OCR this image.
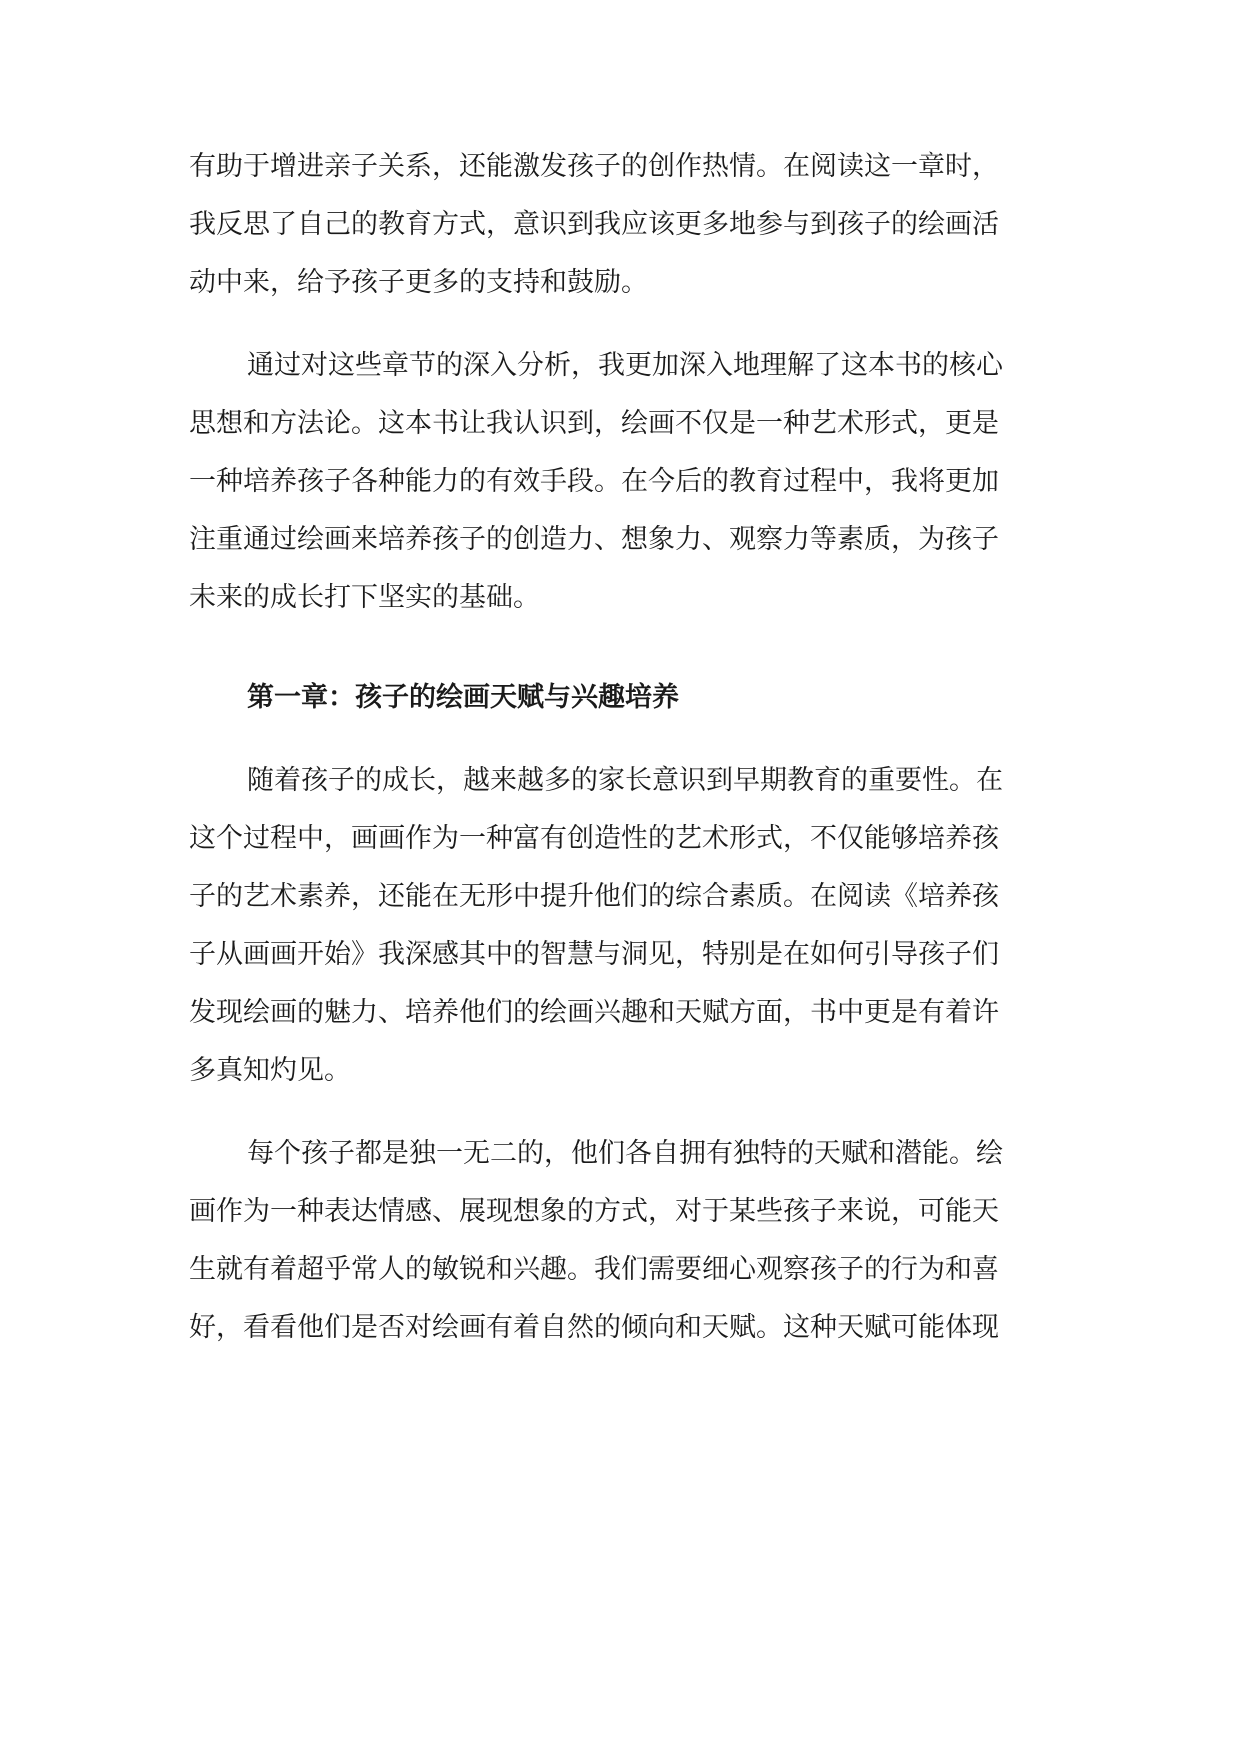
有助于增进亲子关系，还能激发孩子的创作热情。在阅读这一章时，
我反思了自己的教育方式，意识到我应该更多地参与到孩子的绘画活
动中来，给予孩子更多的支持和鼓励。
通过对这些章节的深入分析，我更加深入地理解了这本书的核心
思想和方法论。这本书让我认识到，绘画不仅是一种艺术形式，更是
一种培养孩子各种能力的有效手段。在今后的教育过程中，我将更加
注重通过绘画来培养孩子的创造力、想象力、观察力等素质，为孩子
未来的成长打下坚实的基础。
第一章：孩子的绘画天赋与兴趣培养
随着孩子的成长，越来越多的家长意识到早期教育的重要性。在
这个过程中，画画作为一种富有创造性的艺术形式，不仅能够培养孩
子的艺术素养，还能在无形中提升他们的综合素质。在阅读《培养孩
子从画画开始》我深感其中的智慧与洞见，特别是在如何引导孩子们
发现绘画的魅力、培养他们的绘画兴趣和天赋方面，书中更是有着许
多真知灼见。
每个孩子都是独一无二的，他们各自拥有独特的天赋和潜能。绘
画作为一种表达情感、展现想象的方式，对于某些孩子来说，可能天
生就有着超乎常人的敏锐和兴趣。我们需要细心观察孩子的行为和喜
好，看看他们是否对绘画有着自然的倾向和天赋。这种天赋可能体现
